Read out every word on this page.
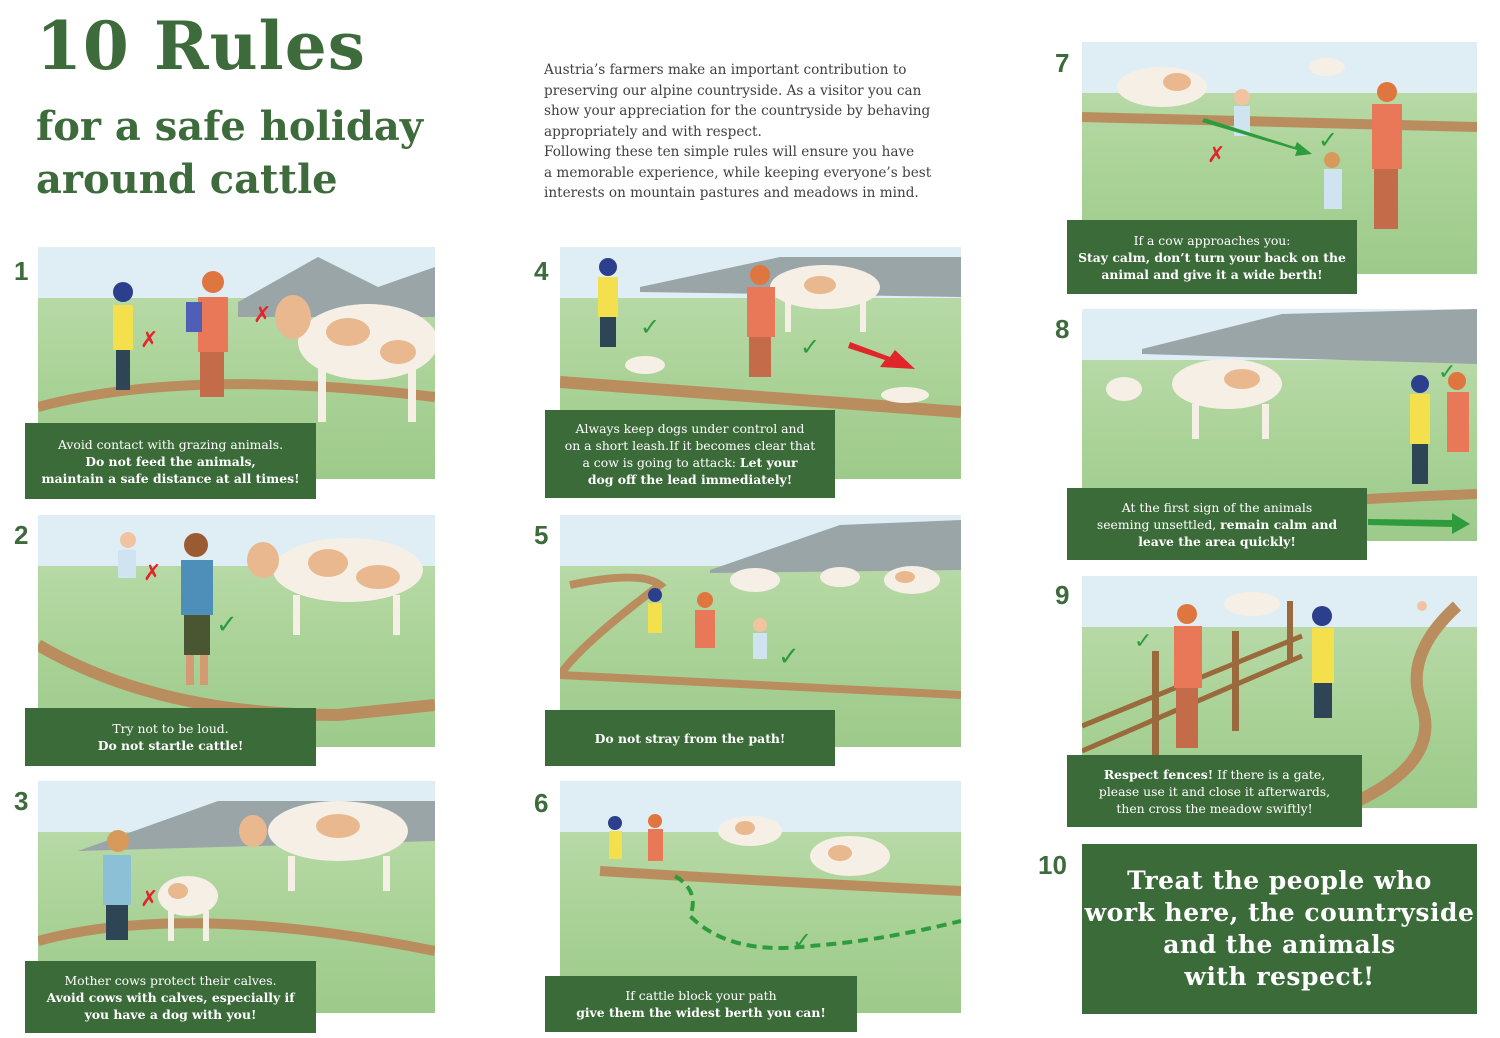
10 Rules
for a safe holiday
around cattle

Austria’s farmers make an important contribution to

preserving our alpine countryside. As a visitor you can

show your appreciation for the countryside by behaving

appropriately and with respect.

Following these ten simple rules will ensure you have

a memorable experience, while keeping everyone’s best

interests on mountain pastures and meadows in mind.

1
✗
✗
Avoid contact with grazing animals.
Do not feed the animals,
maintain a safe distance at all times!
2
✗
✓
Try not to be loud.
Do not startle cattle!
3
✗
Mother cows protect their calves.
Avoid cows with calves, especially if
you have a dog with you!
4
✓
✓
Always keep dogs under control and
on a short leash.If it becomes clear that
a cow is going to attack: Let your
dog off the lead immediately!
5
✓
Do not stray from the path!
6
✓
If cattle block your path
give them the widest berth you can!
7
✗
✓
If a cow approaches you:
Stay calm, don’t turn your back on the
animal and give it a wide berth!
8
✓
At the first sign of the animals
seeming unsettled, remain calm and
leave the area quickly!
9
✓
Respect fences! If there is a gate,
please use it and close it afterwards,
then cross the meadow swiftly!
10
Treat the people who
work here, the countryside
and the animals
with respect!
